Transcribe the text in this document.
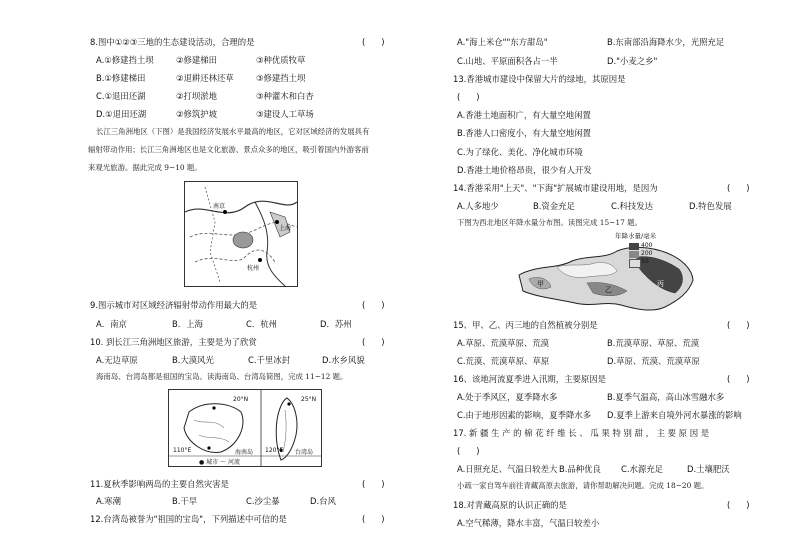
8.图中①②③三地的生态建设活动，合理的是	(      )
A.①修建挡土坝	②修建梯田	③种优质牧草
B.①修建梯田	②退耕还林还草	③修建挡土坝
C.①退田还湖	②打坝淤地	③种灌木和白杏
D.①退田还湖	②修筑护坡	③建设人工草场
长江三角洲地区（下图）是我国经济发展水平最高的地区，它对区域经济的发展具有
辐射带动作用；长江三角洲地区也是文化旅游、景点众多的地区，吸引着国内外游客前
来观光旅游。据此完成 9~10 题。
南京
上海
杭州
9.图示城市对区域经济辐射带动作用最大的是	(      )
A．南京	B．上海	C．杭州	D．苏州
10. 到长江三角洲地区旅游，主要是为了欣赏	(      )
A.无边草原	B.大漠风光	C.千里冰封	D.水乡风貌
海南岛、台湾岛都是祖国的宝岛。读海南岛、台湾岛简图，完成 11~12 题。
20°N	25°N
110°E	120°E
海南岛	台湾岛
● 城市 ～ 河流
11.夏秋季影响两岛的主要自然灾害是	(      )
A.寒潮	B.干旱	C.沙尘暴	D.台风
12.台湾岛被誉为"祖国的宝岛"，下列描述中可信的是	(      )
A."海上米仓""东方甜岛"	B.东南部沿海降水少，光照充足
C.山地、平原面积各占一半	D."小麦之乡"
13.香港城市建设中保留大片的绿地，其原因是
(      )
A.香港土地面积广，有大量空地闲置
B.香港人口密度小，有大量空地闲置
C.为了绿化、美化、净化城市环境
D.香港土地价格昂贵，很少有人开发
14.香港采用"上天"、"下海"扩展城市建设用地，是因为	(      )
A.人多地少	B.资金充足	C.科技发达	D.特色发展
下图为西北地区年降水量分布图。读图完成 15~17 题。
年降水量/毫米
400
200
50
甲
乙
丙
15、甲、乙、丙三地的自然植被分别是	(      )
A.草原、荒漠草原、荒漠	B.荒漠草原、草原、荒漠
C.荒漠、荒漠草原、草原	D.草原、荒漠、荒漠草原
16、该地河流夏季进入汛期，主要原因是	(      )
A.处于季风区，夏季降水多	B.夏季气温高，高山冰雪融水多
C.由于地形因素的影响，夏季降水多 D.夏季上游来自境外河水暴涨的影响
17. 新 疆 生 产 的 棉 花 纤 维 长 、 瓜 果 特 别 甜 ， 主 要 原 因 是
(      )
A.日照充足、气温日较差大 B.品种优良 C.水源充足	D.土壤肥沃
小疏一家自驾车前往青藏高原去旅游，请你帮助解决问题。完成 18~20 题。
18.对青藏高原的认识正确的是	(      )
A.空气稀薄，降水丰富，气温日较差小
